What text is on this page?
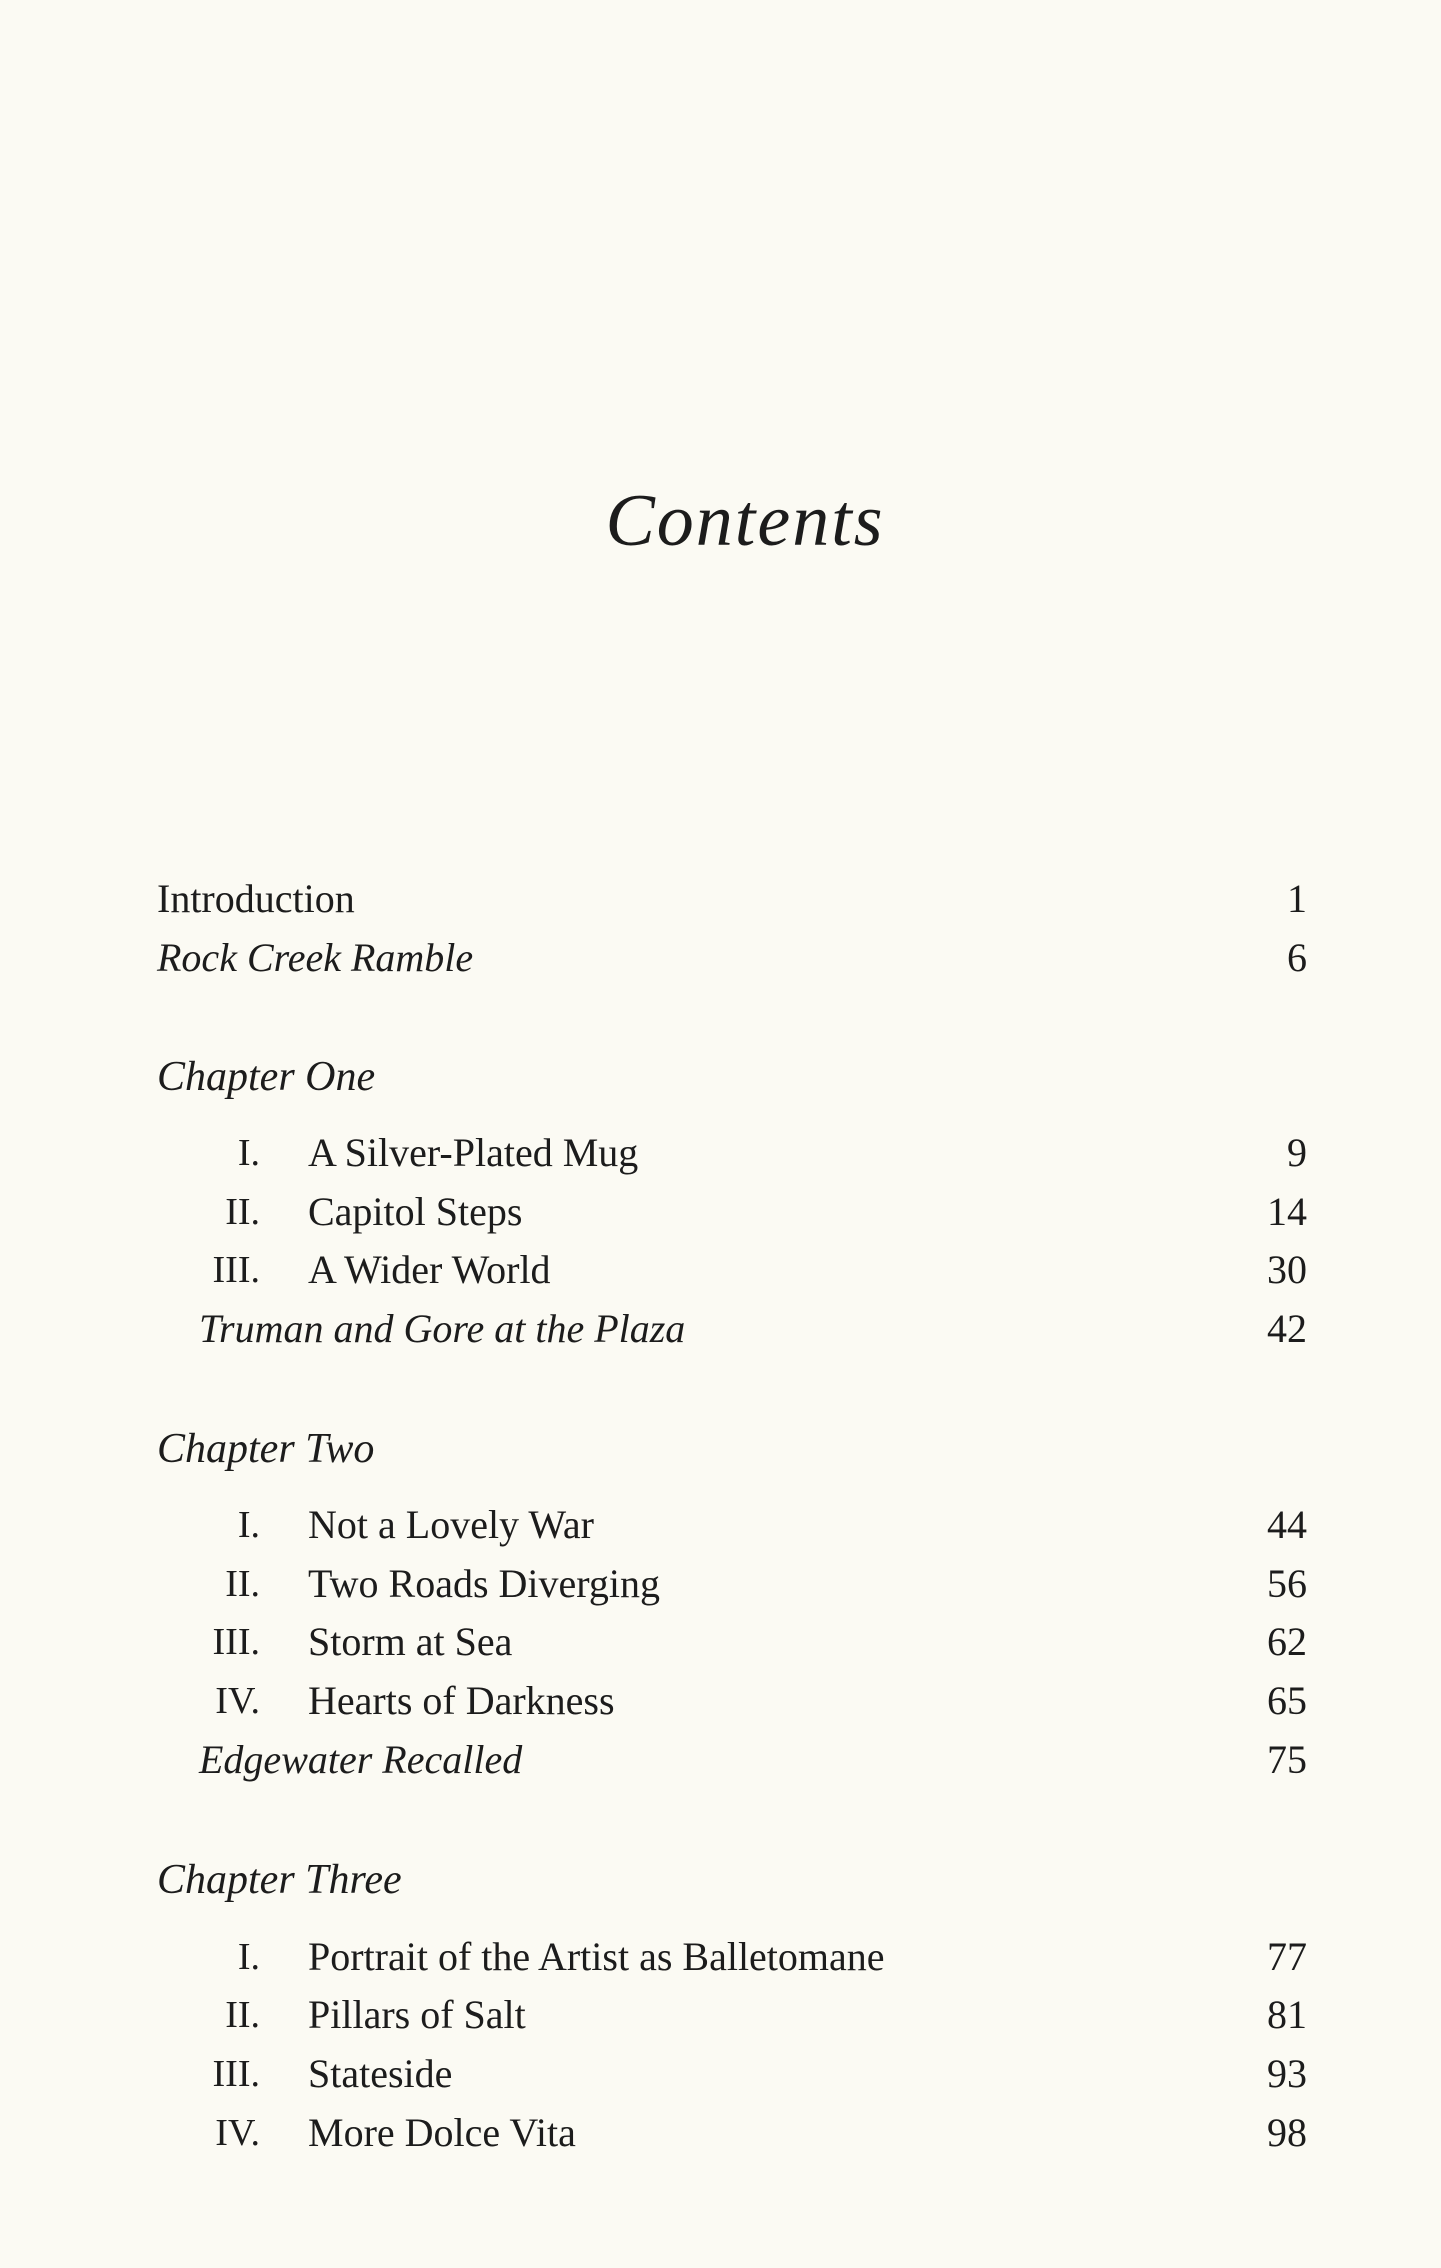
Contents
Introduction	1
Rock Creek Ramble	6
Chapter One
I. A Silver-Plated Mug	9
II. Capitol Steps	14
III. A Wider World	30
Truman and Gore at the Plaza	42
Chapter Two
I. Not a Lovely War	44
II. Two Roads Diverging	56
III. Storm at Sea	62
IV. Hearts of Darkness	65
Edgewater Recalled	75
Chapter Three
I. Portrait of the Artist as Balletomane	77
II. Pillars of Salt	81
III. Stateside	93
IV. More Dolce Vita	98
